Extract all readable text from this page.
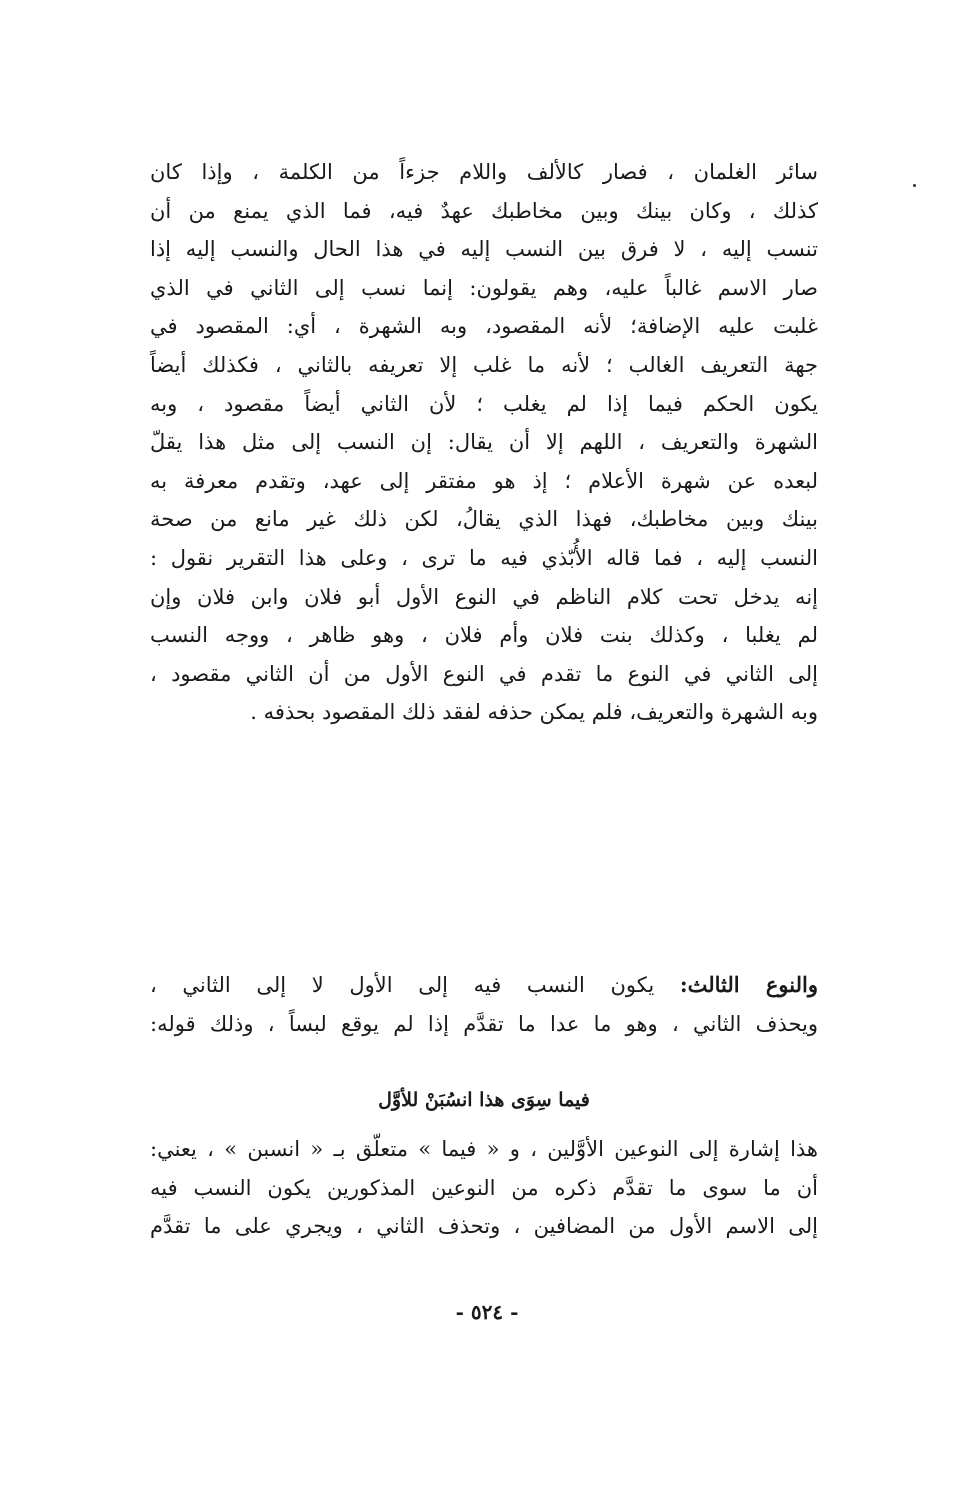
سائر الغلمان ، فصار كالألف واللام جزءاً من الكلمة ، وإذا كان
كذلك ، وكان بينك وبين مخاطبك عهدٌ فيه، فما الذي يمنع من أن
تنسب إليه ، لا فرق بين النسب إليه في هذا الحال والنسب إليه إذا
صار الاسم غالباً عليه، وهم يقولون: إنما نسب إلى الثاني في الذي
غلبت عليه الإضافة؛ لأنه المقصود، وبه الشهرة ، أي: المقصود في
جهة التعريف الغالب ؛ لأنه ما غلب إلا تعريفه بالثاني ، فكذلك أيضاً
يكون الحكم فيما إذا لم يغلب ؛ لأن الثاني أيضاً مقصود ، وبه
الشهرة والتعريف ، اللهم إلا أن يقال: إن النسب إلى مثل هذا يقلّ
لبعده عن شهرة الأعلام ؛ إذ هو مفتقر إلى عهد، وتقدم معرفة به
بينك وبين مخاطبك، فهذا الذي يقالُ، لكن ذلك غير مانع من صحة
النسب إليه ، فما قاله الأُبّذي فيه ما ترى ، وعلى هذا التقرير نقول :
إنه يدخل تحت كلام الناظم في النوع الأول أبو فلان وابن فلان وإن
لم يغلبا ، وكذلك بنت فلان وأم فلان ، وهو ظاهر ، ووجه النسب
إلى الثاني في النوع ما تقدم في النوع الأول من أن الثاني مقصود ،
وبه الشهرة والتعريف، فلم يمكن حذفه لفقد ذلك المقصود بحذفه .
والنوع الثالث: يكون النسب فيه إلى الأول لا إلى الثاني ،
ويحذف الثاني ، وهو ما عدا ما تقدَّم إذا لم يوقع لبساً ، وذلك قوله:
فيما سِوَى هذا انسُبَنْ للأوَّل
هذا إشارة إلى النوعين الأوَّلين ، و « فيما » متعلّق بـ « انسبن » ، يعني:
أن ما سوى ما تقدَّم ذكره من النوعين المذكورين يكون النسب فيه
إلى الاسم الأول من المضافين ، وتحذف الثاني ، ويجري على ما تقدَّم
- ٥٢٤ -
